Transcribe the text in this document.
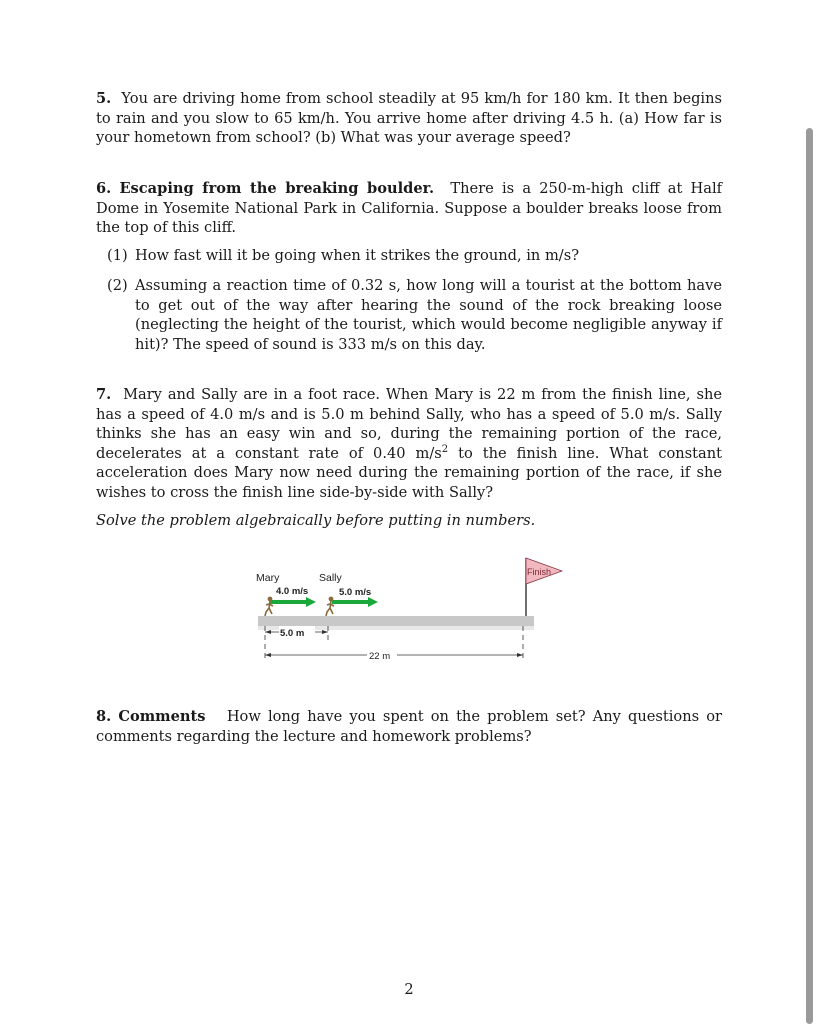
5. You are driving home from school steadily at 95 km/h for 180 km. It then begins to rain and you slow to 65 km/h. You arrive home after driving 4.5 h. (a) How far is your hometown from school? (b) What was your average speed?
6. Escaping from the breaking boulder. There is a 250-m-high cliff at Half Dome in Yosemite National Park in California. Suppose a boulder breaks loose from the top of this cliff.
(1) How fast will it be going when it strikes the ground, in m/s?
(2) Assuming a reaction time of 0.32 s, how long will a tourist at the bottom have to get out of the way after hearing the sound of the rock breaking loose (neglecting the height of the tourist, which would become negligible anyway if hit)? The speed of sound is 333 m/s on this day.
7. Mary and Sally are in a foot race. When Mary is 22 m from the finish line, she has a speed of 4.0 m/s and is 5.0 m behind Sally, who has a speed of 5.0 m/s. Sally thinks she has an easy win and so, during the remaining portion of the race, decelerates at a constant rate of 0.40 $m/s^2$ to the finish line. What constant acceleration does Mary now need during the remaining portion of the race, if she wishes to cross the finish line side-by-side with Sally?
Solve the problem algebraically before putting in numbers.
Finish
Mary	Sally
4.0 m/s	5.0 m/s
5.0 m
22 m
8. Comments How long have you spent on the problem set? Any questions or comments regarding the lecture and homework problems?
2
